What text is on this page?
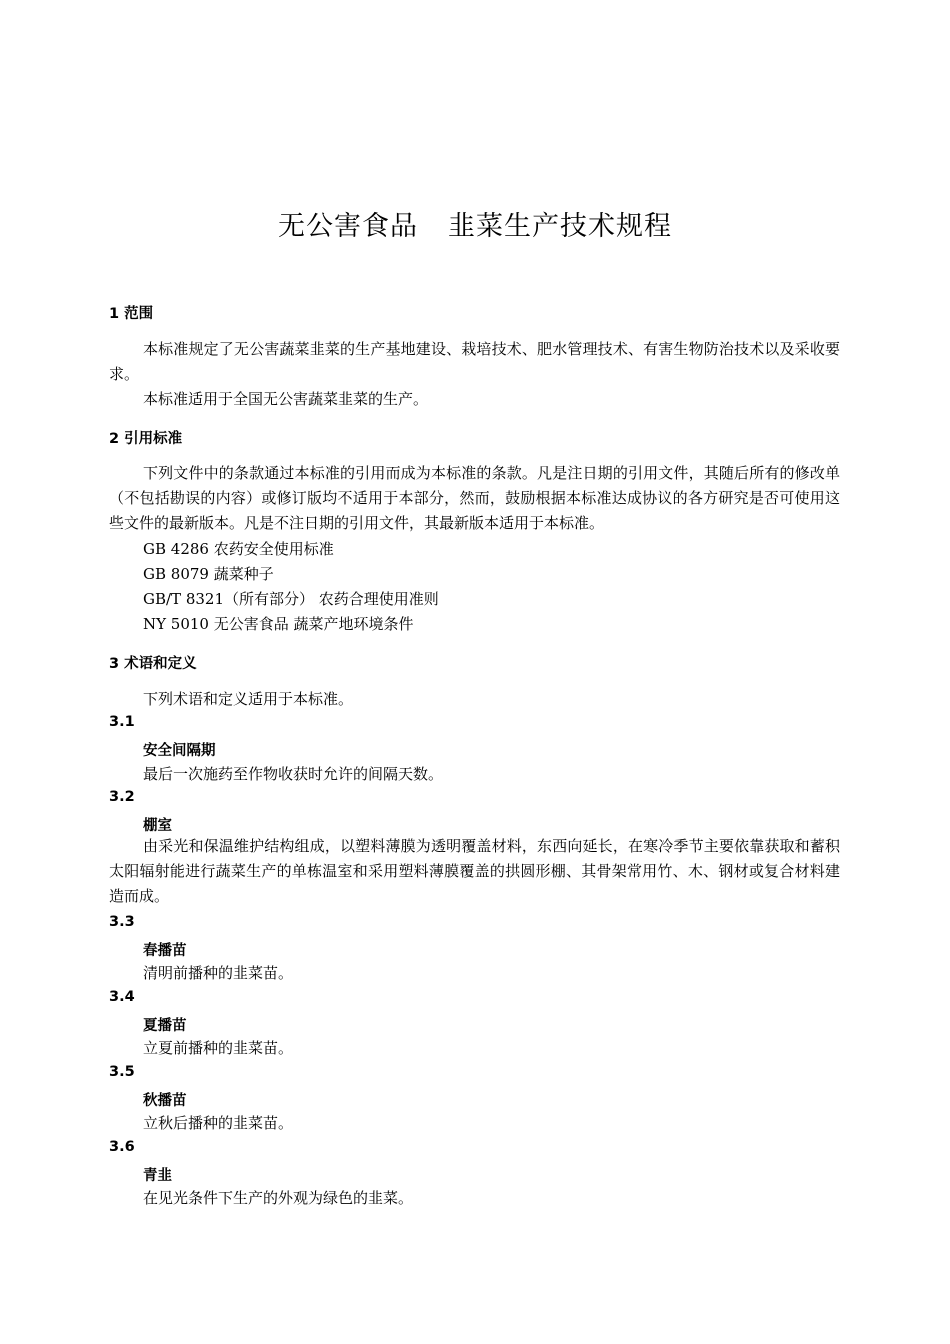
无公害食品 韭菜生产技术规程
1 范围
本标准规定了无公害蔬菜韭菜的生产基地建设、栽培技术、肥水管理技术、有害生物防治技术以及采收要求。
本标准适用于全国无公害蔬菜韭菜的生产。
2 引用标准
下列文件中的条款通过本标准的引用而成为本标准的条款。凡是注日期的引用文件，其随后所有的修改单（不包括勘误的内容）或修订版均不适用于本部分，然而，鼓励根据本标准达成协议的各方研究是否可使用这些文件的最新版本。凡是不注日期的引用文件，其最新版本适用于本标准。
GB 4286 农药安全使用标准
GB 8079 蔬菜种子
GB/T 8321（所有部分） 农药合理使用准则
NY 5010 无公害食品 蔬菜产地环境条件
3 术语和定义
下列术语和定义适用于本标准。
3.1
安全间隔期
最后一次施药至作物收获时允许的间隔天数。
3.2
棚室
由采光和保温维护结构组成，以塑料薄膜为透明覆盖材料，东西向延长，在寒冷季节主要依靠获取和蓄积太阳辐射能进行蔬菜生产的单栋温室和采用塑料薄膜覆盖的拱圆形棚、其骨架常用竹、木、钢材或复合材料建造而成。
3.3
春播苗
清明前播种的韭菜苗。
3.4
夏播苗
立夏前播种的韭菜苗。
3.5
秋播苗
立秋后播种的韭菜苗。
3.6
青韭
在见光条件下生产的外观为绿色的韭菜。
